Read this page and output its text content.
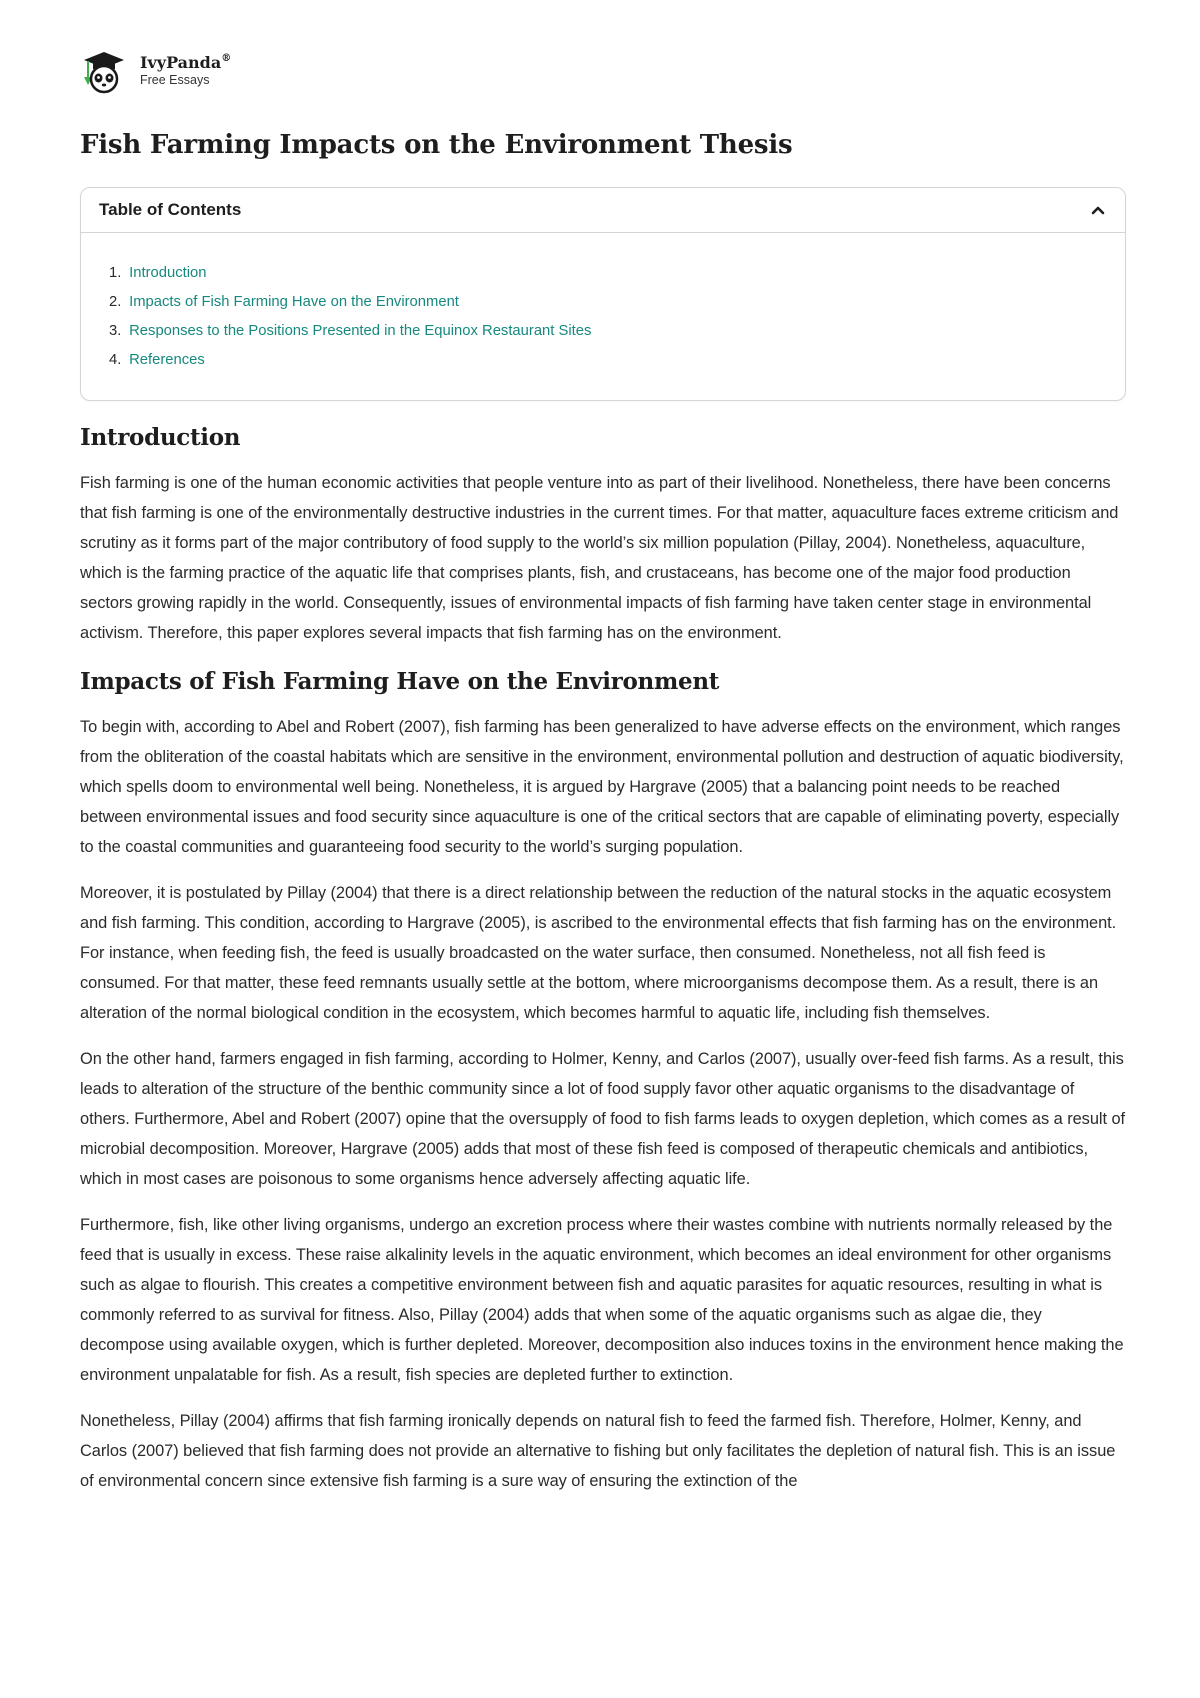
IvyPanda®
Free Essays
Fish Farming Impacts on the Environment Thesis
Table of Contents
1. Introduction
2. Impacts of Fish Farming Have on the Environment
3. Responses to the Positions Presented in the Equinox Restaurant Sites
4. References
Introduction

Fish farming is one of the human economic activities that people venture into as part of their livelihood. Nonetheless, there have been concerns that fish farming is one of the environmentally destructive industries in the current times. For that matter, aquaculture faces extreme criticism and scrutiny as it forms part of the major contributory of food supply to the world’s six million population (Pillay, 2004). Nonetheless, aquaculture, which is the farming practice of the aquatic life that comprises plants, fish, and crustaceans, has become one of the major food production sectors growing rapidly in the world. Consequently, issues of environmental impacts of fish farming have taken center stage in environmental activism. Therefore, this paper explores several impacts that fish farming has on the environment.

Impacts of Fish Farming Have on the Environment

To begin with, according to Abel and Robert (2007), fish farming has been generalized to have adverse effects on the environment, which ranges from the obliteration of the coastal habitats which are sensitive in the environment, environmental pollution and destruction of aquatic biodiversity, which spells doom to environmental well being. Nonetheless, it is argued by Hargrave (2005) that a balancing point needs to be reached between environmental issues and food security since aquaculture is one of the critical sectors that are capable of eliminating poverty, especially to the coastal communities and guaranteeing food security to the world’s surging population.

Moreover, it is postulated by Pillay (2004) that there is a direct relationship between the reduction of the natural stocks in the aquatic ecosystem and fish farming. This condition, according to Hargrave (2005), is ascribed to the environmental effects that fish farming has on the environment. For instance, when feeding fish, the feed is usually broadcasted on the water surface, then consumed. Nonetheless, not all fish feed is consumed. For that matter, these feed remnants usually settle at the bottom, where microorganisms decompose them. As a result, there is an alteration of the normal biological condition in the ecosystem, which becomes harmful to aquatic life, including fish themselves.

On the other hand, farmers engaged in fish farming, according to Holmer, Kenny, and Carlos (2007), usually over-feed fish farms. As a result, this leads to alteration of the structure of the benthic community since a lot of food supply favor other aquatic organisms to the disadvantage of others. Furthermore, Abel and Robert (2007) opine that the oversupply of food to fish farms leads to oxygen depletion, which comes as a result of microbial decomposition. Moreover, Hargrave (2005) adds that most of these fish feed is composed of therapeutic chemicals and antibiotics, which in most cases are poisonous to some organisms hence adversely affecting aquatic life.

Furthermore, fish, like other living organisms, undergo an excretion process where their wastes combine with nutrients normally released by the feed that is usually in excess. These raise alkalinity levels in the aquatic environment, which becomes an ideal environment for other organisms such as algae to flourish. This creates a competitive environment between fish and aquatic parasites for aquatic resources, resulting in what is commonly referred to as survival for fitness. Also, Pillay (2004) adds that when some of the aquatic organisms such as algae die, they decompose using available oxygen, which is further depleted. Moreover, decomposition also induces toxins in the environment hence making the environment unpalatable for fish. As a result, fish species are depleted further to extinction.

Nonetheless, Pillay (2004) affirms that fish farming ironically depends on natural fish to feed the farmed fish. Therefore, Holmer, Kenny, and Carlos (2007) believed that fish farming does not provide an alternative to fishing but only facilitates the depletion of natural fish. This is an issue of environmental concern since extensive fish farming is a sure way of ensuring the extinction of the
